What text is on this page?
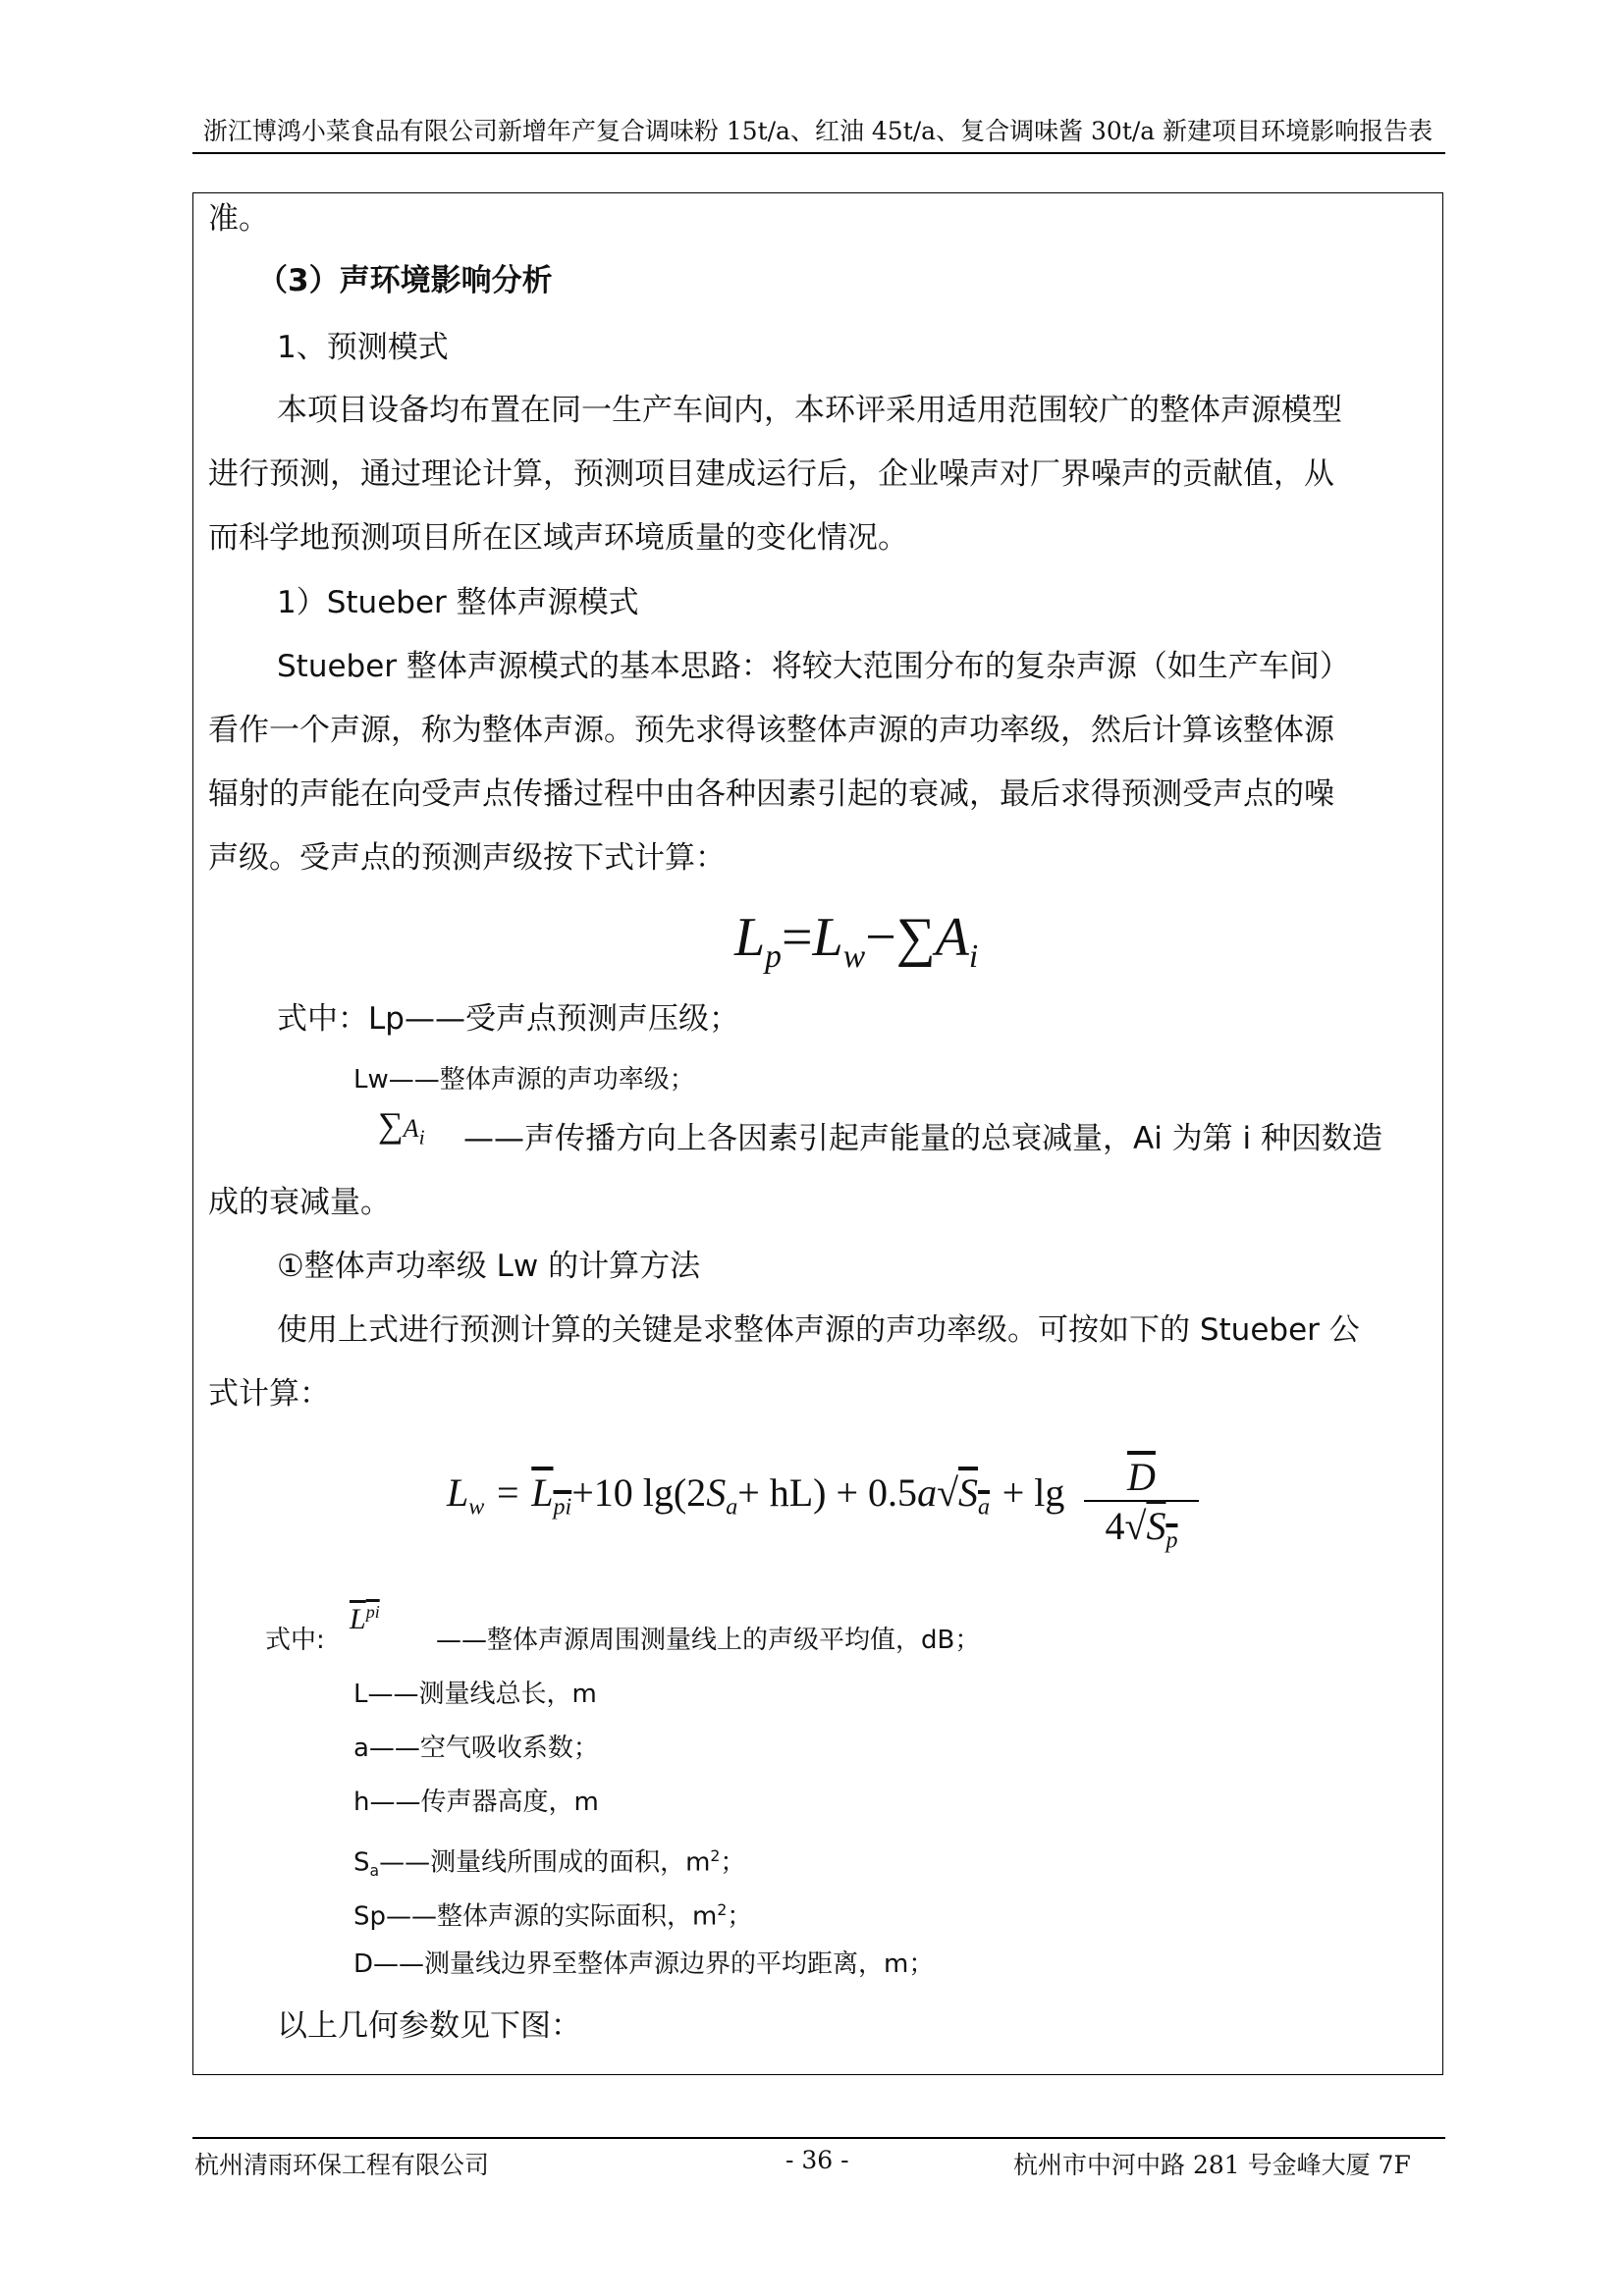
浙江博鸿小菜食品有限公司新增年产复合调味粉 15t/a、红油 45t/a、复合调味酱 30t/a 新建项目环境影响报告表
准。
（3）声环境影响分析
1、预测模式
本项目设备均布置在同一生产车间内，本环评采用适用范围较广的整体声源模型
进行预测，通过理论计算，预测项目建成运行后，企业噪声对厂界噪声的贡献值，从
而科学地预测项目所在区域声环境质量的变化情况。
1）Stueber 整体声源模式
Stueber 整体声源模式的基本思路：将较大范围分布的复杂声源（如生产车间）
看作一个声源，称为整体声源。预先求得该整体声源的声功率级，然后计算该整体源
辐射的声能在向受声点传播过程中由各种因素引起的衰减，最后求得预测受声点的噪
声级。受声点的预测声级按下式计算：
$L_p=L_w-\sum A_i$
式中：Lp——受声点预测声压级；
Lw——整体声源的声功率级；
$\sum A_i$ ——声传播方向上各因素引起声能量的总衰减量，Ai 为第 i 种因数造
成的衰减量。
①整体声功率级 Lw 的计算方法
使用上式进行预测计算的关键是求整体声源的声功率级。可按如下的 Stueber 公
式计算：
$L_w = L_{pi}+10$ $\lg(2S_a+ hL) + 0.5a√S_a + \lg$	$\overline{D}$
$4√S_p$
式中:
$L^{pi}$
——整体声源周围测量线上的声级平均值，dB；
L——测量线总长，m
a——空气吸收系数；
h——传声器高度，m
$S_a——$测量线所围成的面积，$m^2$；
Sp——整体声源的实际面积，$m^2$；
D——测量线边界至整体声源边界的平均距离，m；
以上几何参数见下图：
杭州清雨环保工程有限公司	- 36 -	杭州市中河中路 281 号金峰大厦 7F
